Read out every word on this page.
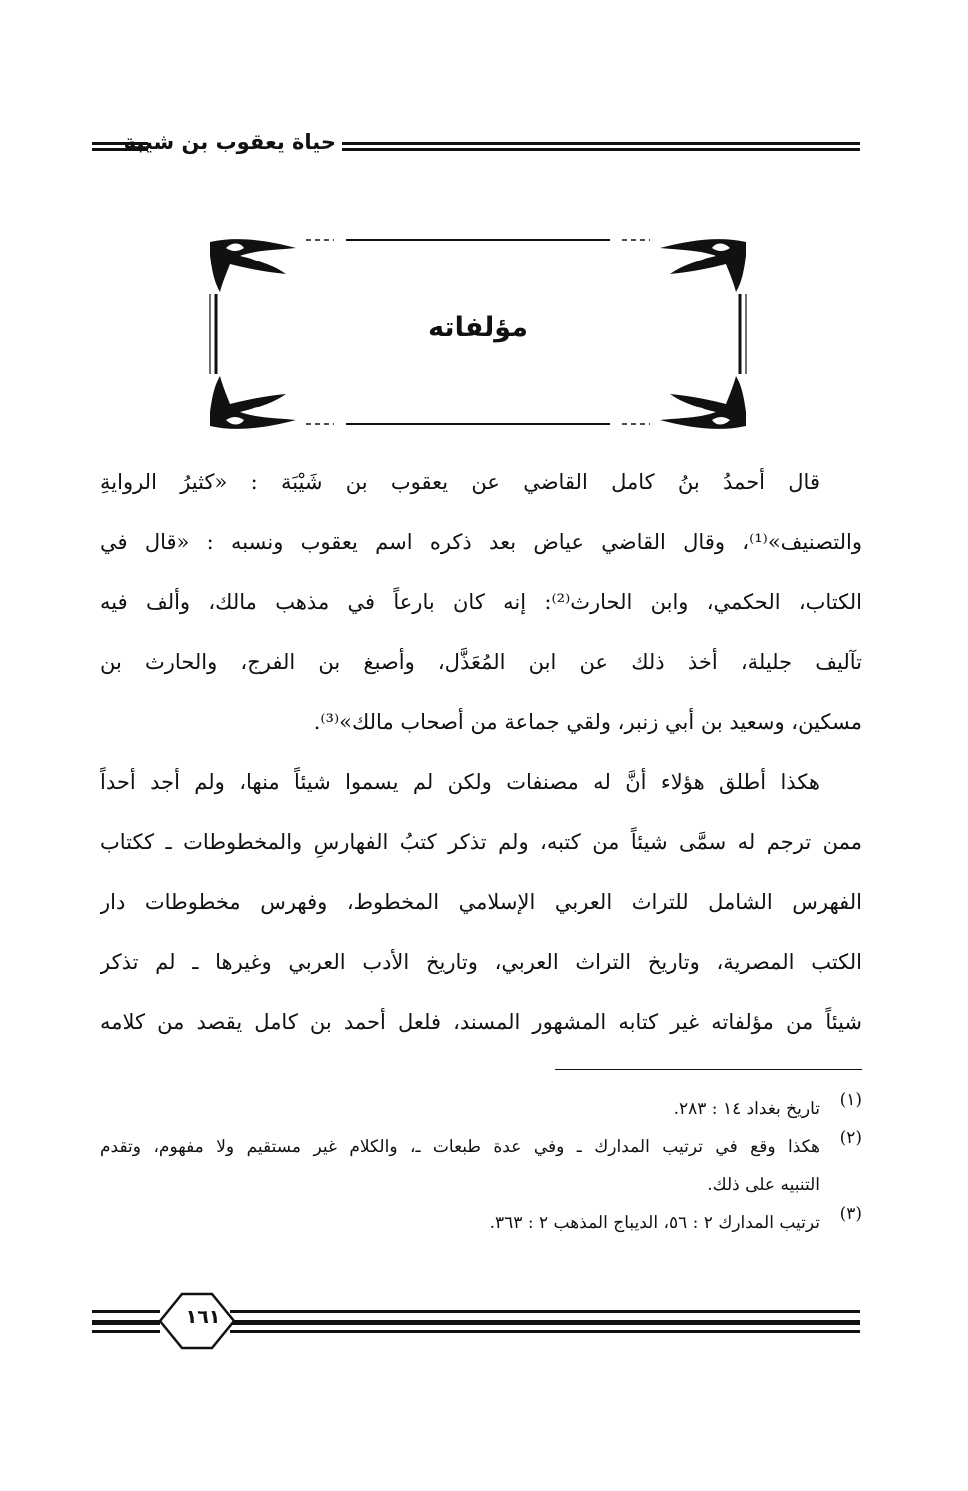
حياة يعقوب بن شيبة
مؤلفاته
قال أحمدُ بنُ كامل القاضي عن يعقوب بن شَيْبَة : «كثيرُ الروايةِ
والتصنيف»⁽¹⁾، وقال القاضي عياض بعد ذكره اسم يعقوب ونسبه : «قال في
الكتاب، الحكمي، وابن الحارث⁽²⁾: إنه كان بارعاً في مذهب مالك، وألف فيه
تآليف جليلة، أخذ ذلك عن ابن المُعَذَّل، وأصبغ بن الفرج، والحارث بن
مسكين، وسعيد بن أبي زنبر، ولقي جماعة من أصحاب مالك»⁽³⁾.
هكذا أطلق هؤلاء أنَّ له مصنفات ولكن لم يسموا شيئاً منها، ولم أجد أحداً
ممن ترجم له سمَّى شيئاً من كتبه، ولم تذكر كتبُ الفهارسِ والمخطوطات ـ ككتاب
الفهرس الشامل للتراث العربي الإسلامي المخطوط، وفهرس مخطوطات دار
الكتب المصرية، وتاريخ التراث العربي، وتاريخ الأدب العربي وغيرها ـ لم تذكر
شيئاً من مؤلفاته غير كتابه المشهور المسند، فلعل أحمد بن كامل يقصد من كلامه
(١)
تاريخ بغداد ١٤ : ٢٨٣.
(٢)
هكذا وقع في ترتيب المدارك ـ وفي عدة طبعات ـ، والكلام غير مستقيم ولا مفهوم، وتقدم
التنبيه على ذلك.
(٣)
ترتيب المدارك ٢ : ٥٦، الديباج المذهب ٢ : ٣٦٣.
١٦١
